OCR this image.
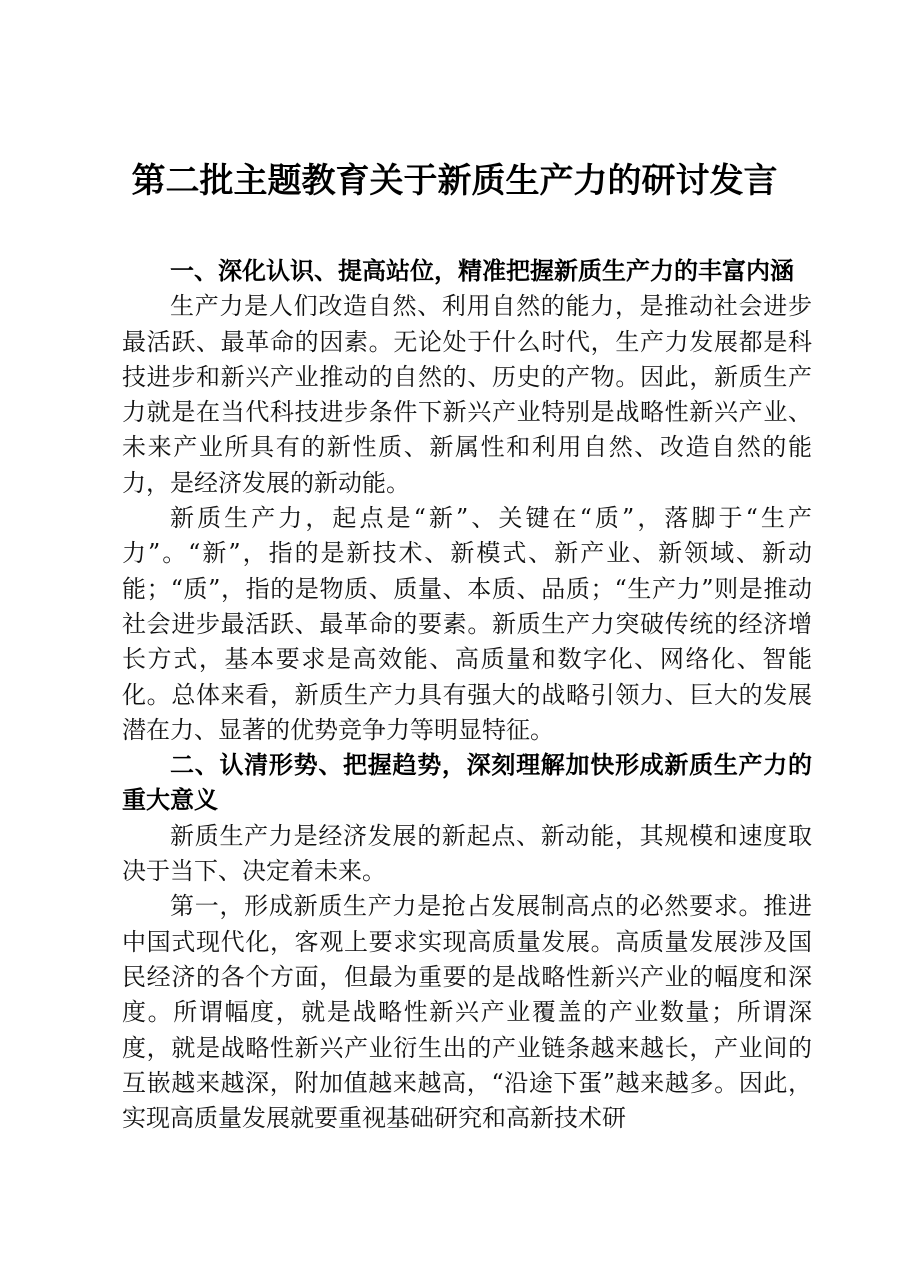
第二批主题教育关于新质生产力的研讨发言

一、深化认识、提高站位，精准把握新质生产力的丰富内涵

生产力是人们改造自然、利用自然的能力，是推动社会进步最活跃、最革命的因素。无论处于什么时代，生产力发展都是科技进步和新兴产业推动的自然的、历史的产物。因此，新质生产力就是在当代科技进步条件下新兴产业特别是战略性新兴产业、未来产业所具有的新性质、新属性和利用自然、改造自然的能力，是经济发展的新动能。

新质生产力，起点是“新”、关键在“质”，落脚于“生产力”。“新”，指的是新技术、新模式、新产业、新领域、新动能；“质”，指的是物质、质量、本质、品质；“生产力”则是推动社会进步最活跃、最革命的要素。新质生产力突破传统的经济增长方式，基本要求是高效能、高质量和数字化、网络化、智能化。总体来看，新质生产力具有强大的战略引领力、巨大的发展潜在力、显著的优势竞争力等明显特征。

二、认清形势、把握趋势，深刻理解加快形成新质生产力的重大意义

新质生产力是经济发展的新起点、新动能，其规模和速度取决于当下、决定着未来。

第一，形成新质生产力是抢占发展制高点的必然要求。推进中国式现代化，客观上要求实现高质量发展。高质量发展涉及国民经济的各个方面，但最为重要的是战略性新兴产业的幅度和深度。所谓幅度，就是战略性新兴产业覆盖的产业数量；所谓深度，就是战略性新兴产业衍生出的产业链条越来越长，产业间的互嵌越来越深，附加值越来越高，“沿途下蛋”越来越多。因此，实现高质量发展就要重视基础研究和高新技术研
